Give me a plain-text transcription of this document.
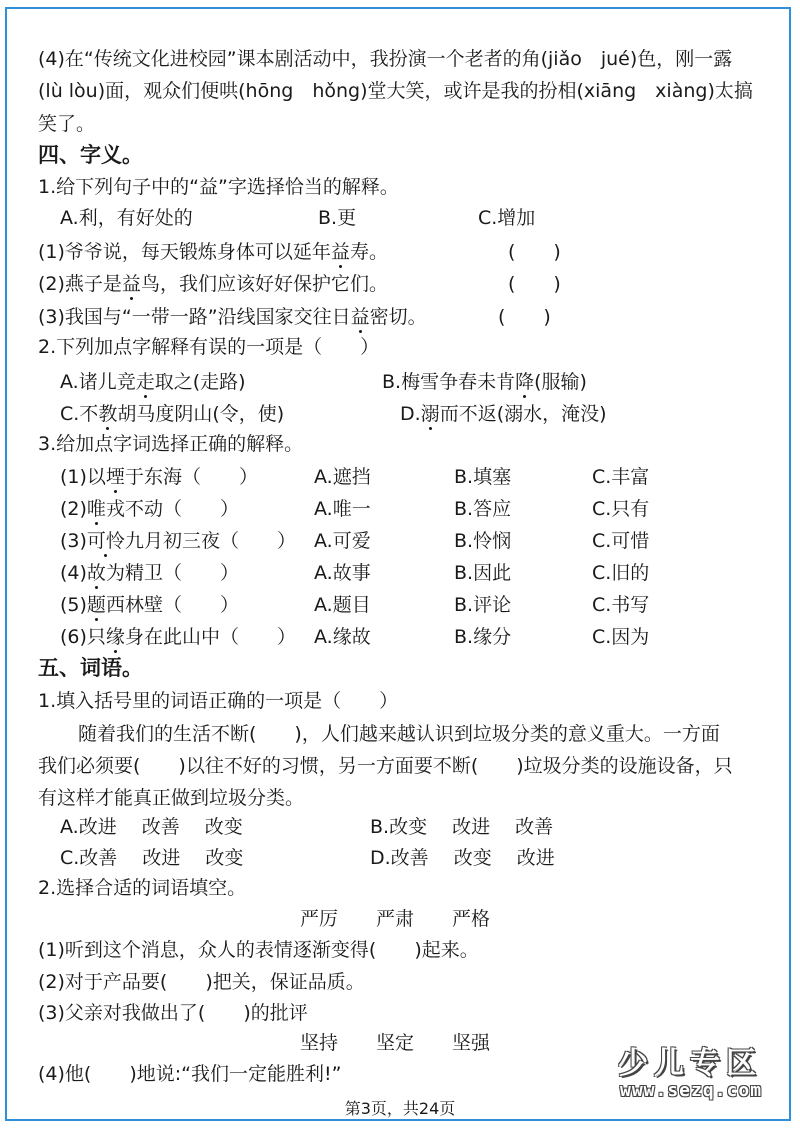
(4)在“传统文化进校园”课本剧活动中，我扮演一个老者的角(jiǎo　jué)色，刚一露
(lù lòu)面，观众们便哄(hōng　hǒng)堂大笑，或许是我的扮相(xiāng　xiàng)太搞
笑了。
四、字义。
1.给下列句子中的“益”字选择恰当的解释。
A.利，有好处的	B.更	C.增加
(1)爷爷说，每天锻炼身体可以延年益寿。	(　　)
(2)燕子是益鸟，我们应该好好保护它们。	(　　)
(3)我国与“一带一路”沿线国家交往日益密切。	(　　)
2.下列加点字解释有误的一项是（　　）
A.诸儿竞走取之(走路)	B.梅雪争春未肯降(服输)
C.不教胡马度阴山(令，使)	D.溺而不返(溺水，淹没)
3.给加点字词选择正确的解释。
(1)以堙于东海（　　）	A.遮挡	B.填塞	C.丰富
(2)唯戎不动（　　）	A.唯一	B.答应	C.只有
(3)可怜九月初三夜（　　） A.可爱	B.怜悯	C.可惜
(4)故为精卫（　　）	A.故事	B.因此	C.旧的
(5)题西林壁（　　）	A.题目	B.评论	C.书写
(6)只缘身在此山中（　　） A.缘故	B.缘分	C.因为
五、词语。
1.填入括号里的词语正确的一项是（　　）
随着我们的生活不断(　　)，人们越来越认识到垃圾分类的意义重大。一方面
我们必须要(　　)以往不好的习惯，另一方面要不断(　　)垃圾分类的设施设备，只
有这样才能真正做到垃圾分类。
A.改进　 改善　 改变	B.改变　 改进　 改善
C.改善　 改进　 改变	D.改善　 改变　 改进
2.选择合适的词语填空。
严厉　　严肃　　严格
(1)听到这个消息，众人的表情逐渐变得(　　)起来。
(2)对于产品要(　　)把关，保证品质。
(3)父亲对我做出了(　　)的批评
坚持　　坚定　　坚强
(4)他(　　)地说:“我们一定能胜利!”
第3页，共24页
少儿专区
www.sezq.com
